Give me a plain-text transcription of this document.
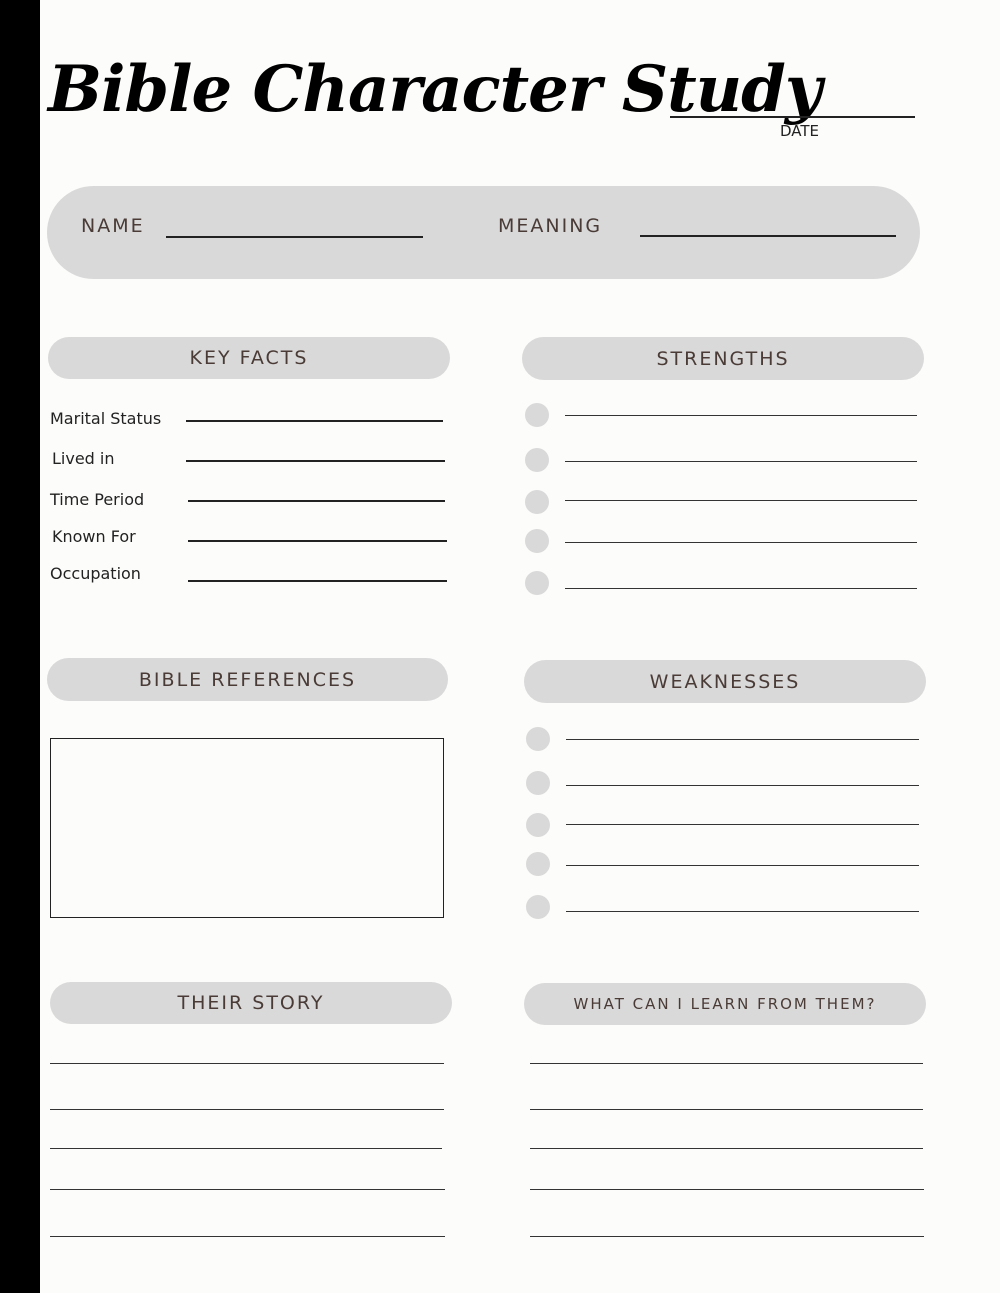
Bible Character Study
DATE
NAME	MEANING
KEY FACTS	STRENGTHS
Marital Status
Lived in
Time Period
Known For
Occupation
BIBLE REFERENCES	WEAKNESSES
THEIR STORY	WHAT CAN I LEARN FROM THEM?
